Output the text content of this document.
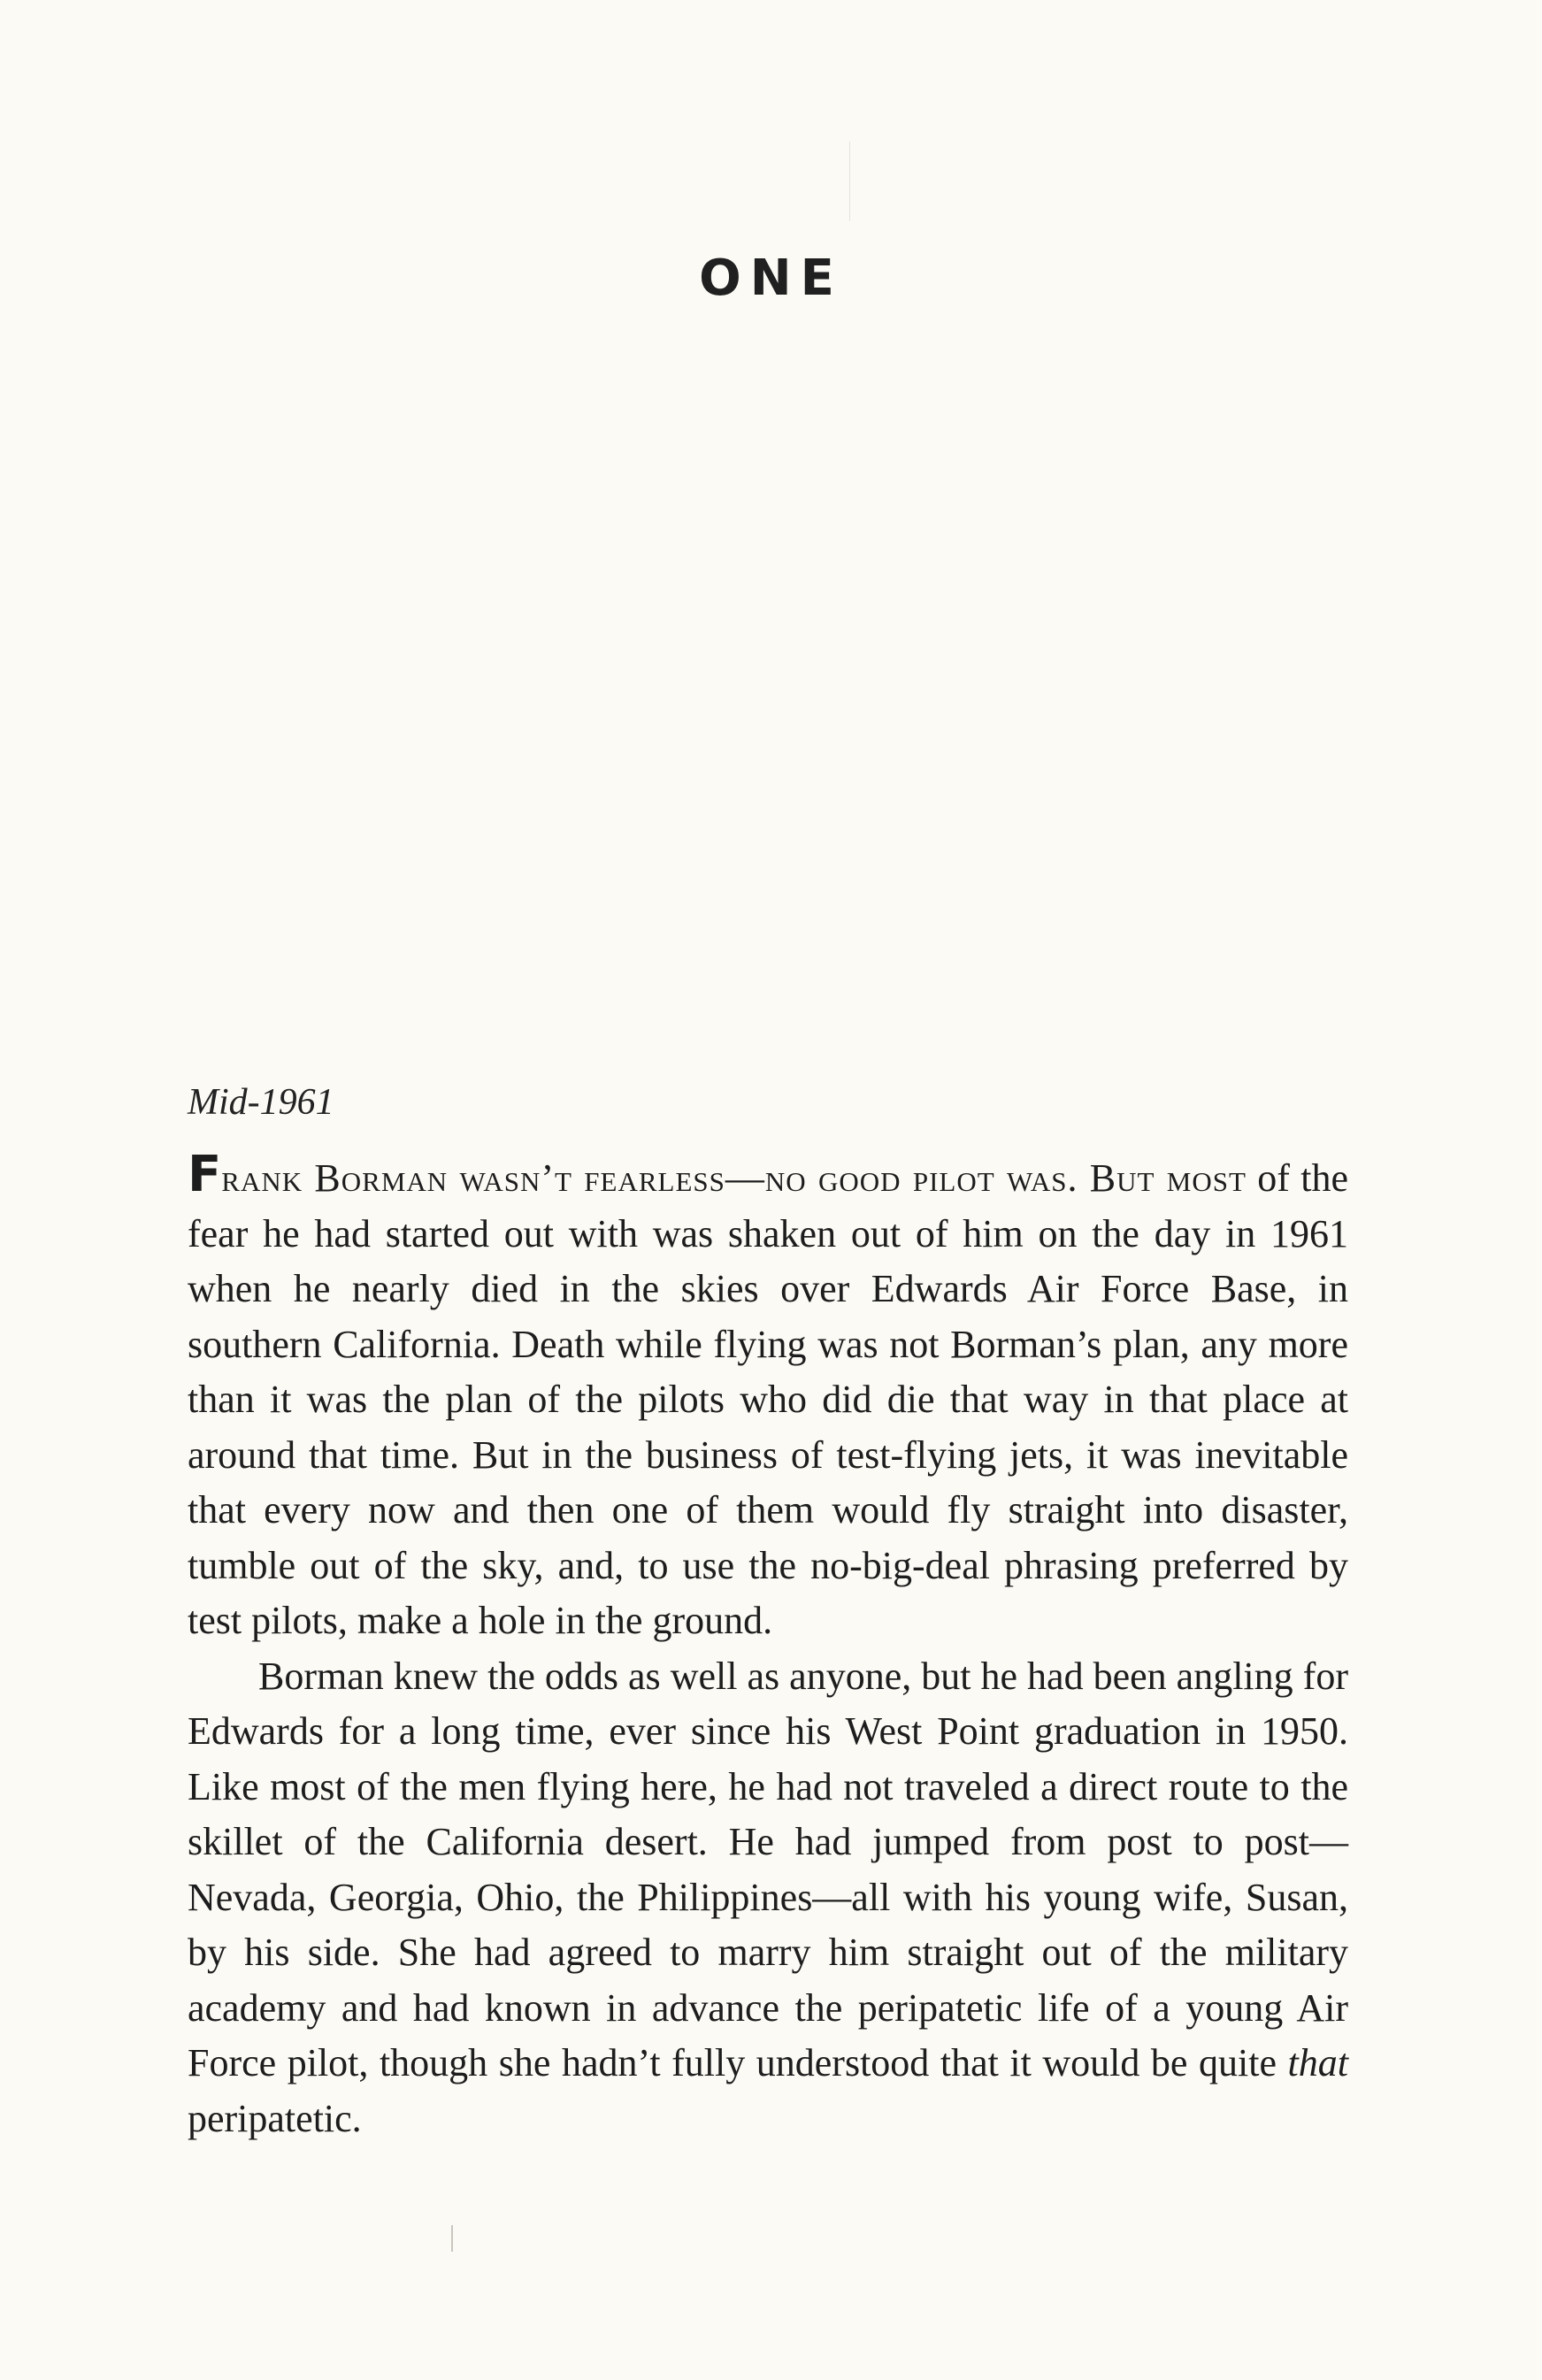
ONE
Mid-1961

Frank Borman wasn’t fearless—no good pilot was. But most of the fear he had started out with was shaken out of him on the day in 1961 when he nearly died in the skies over Edwards Air Force Base, in southern California. Death while flying was not Borman’s plan, any more than it was the plan of the pilots who did die that way in that place at around that time. But in the business of test-flying jets, it was inevitable that every now and then one of them would fly straight into disaster, tumble out of the sky, and, to use the no-big-deal phrasing preferred by test pilots, make a hole in the ground.

Borman knew the odds as well as anyone, but he had been angling for Edwards for a long time, ever since his West Point graduation in 1950. Like most of the men flying here, he had not traveled a direct route to the skillet of the California desert. He had jumped from post to post—Nevada, Georgia, Ohio, the Philippines—all with his young wife, Susan, by his side. She had agreed to marry him straight out of the military academy and had known in advance the peripatetic life of a young Air Force pilot, though she hadn’t fully understood that it would be quite that peripatetic.
